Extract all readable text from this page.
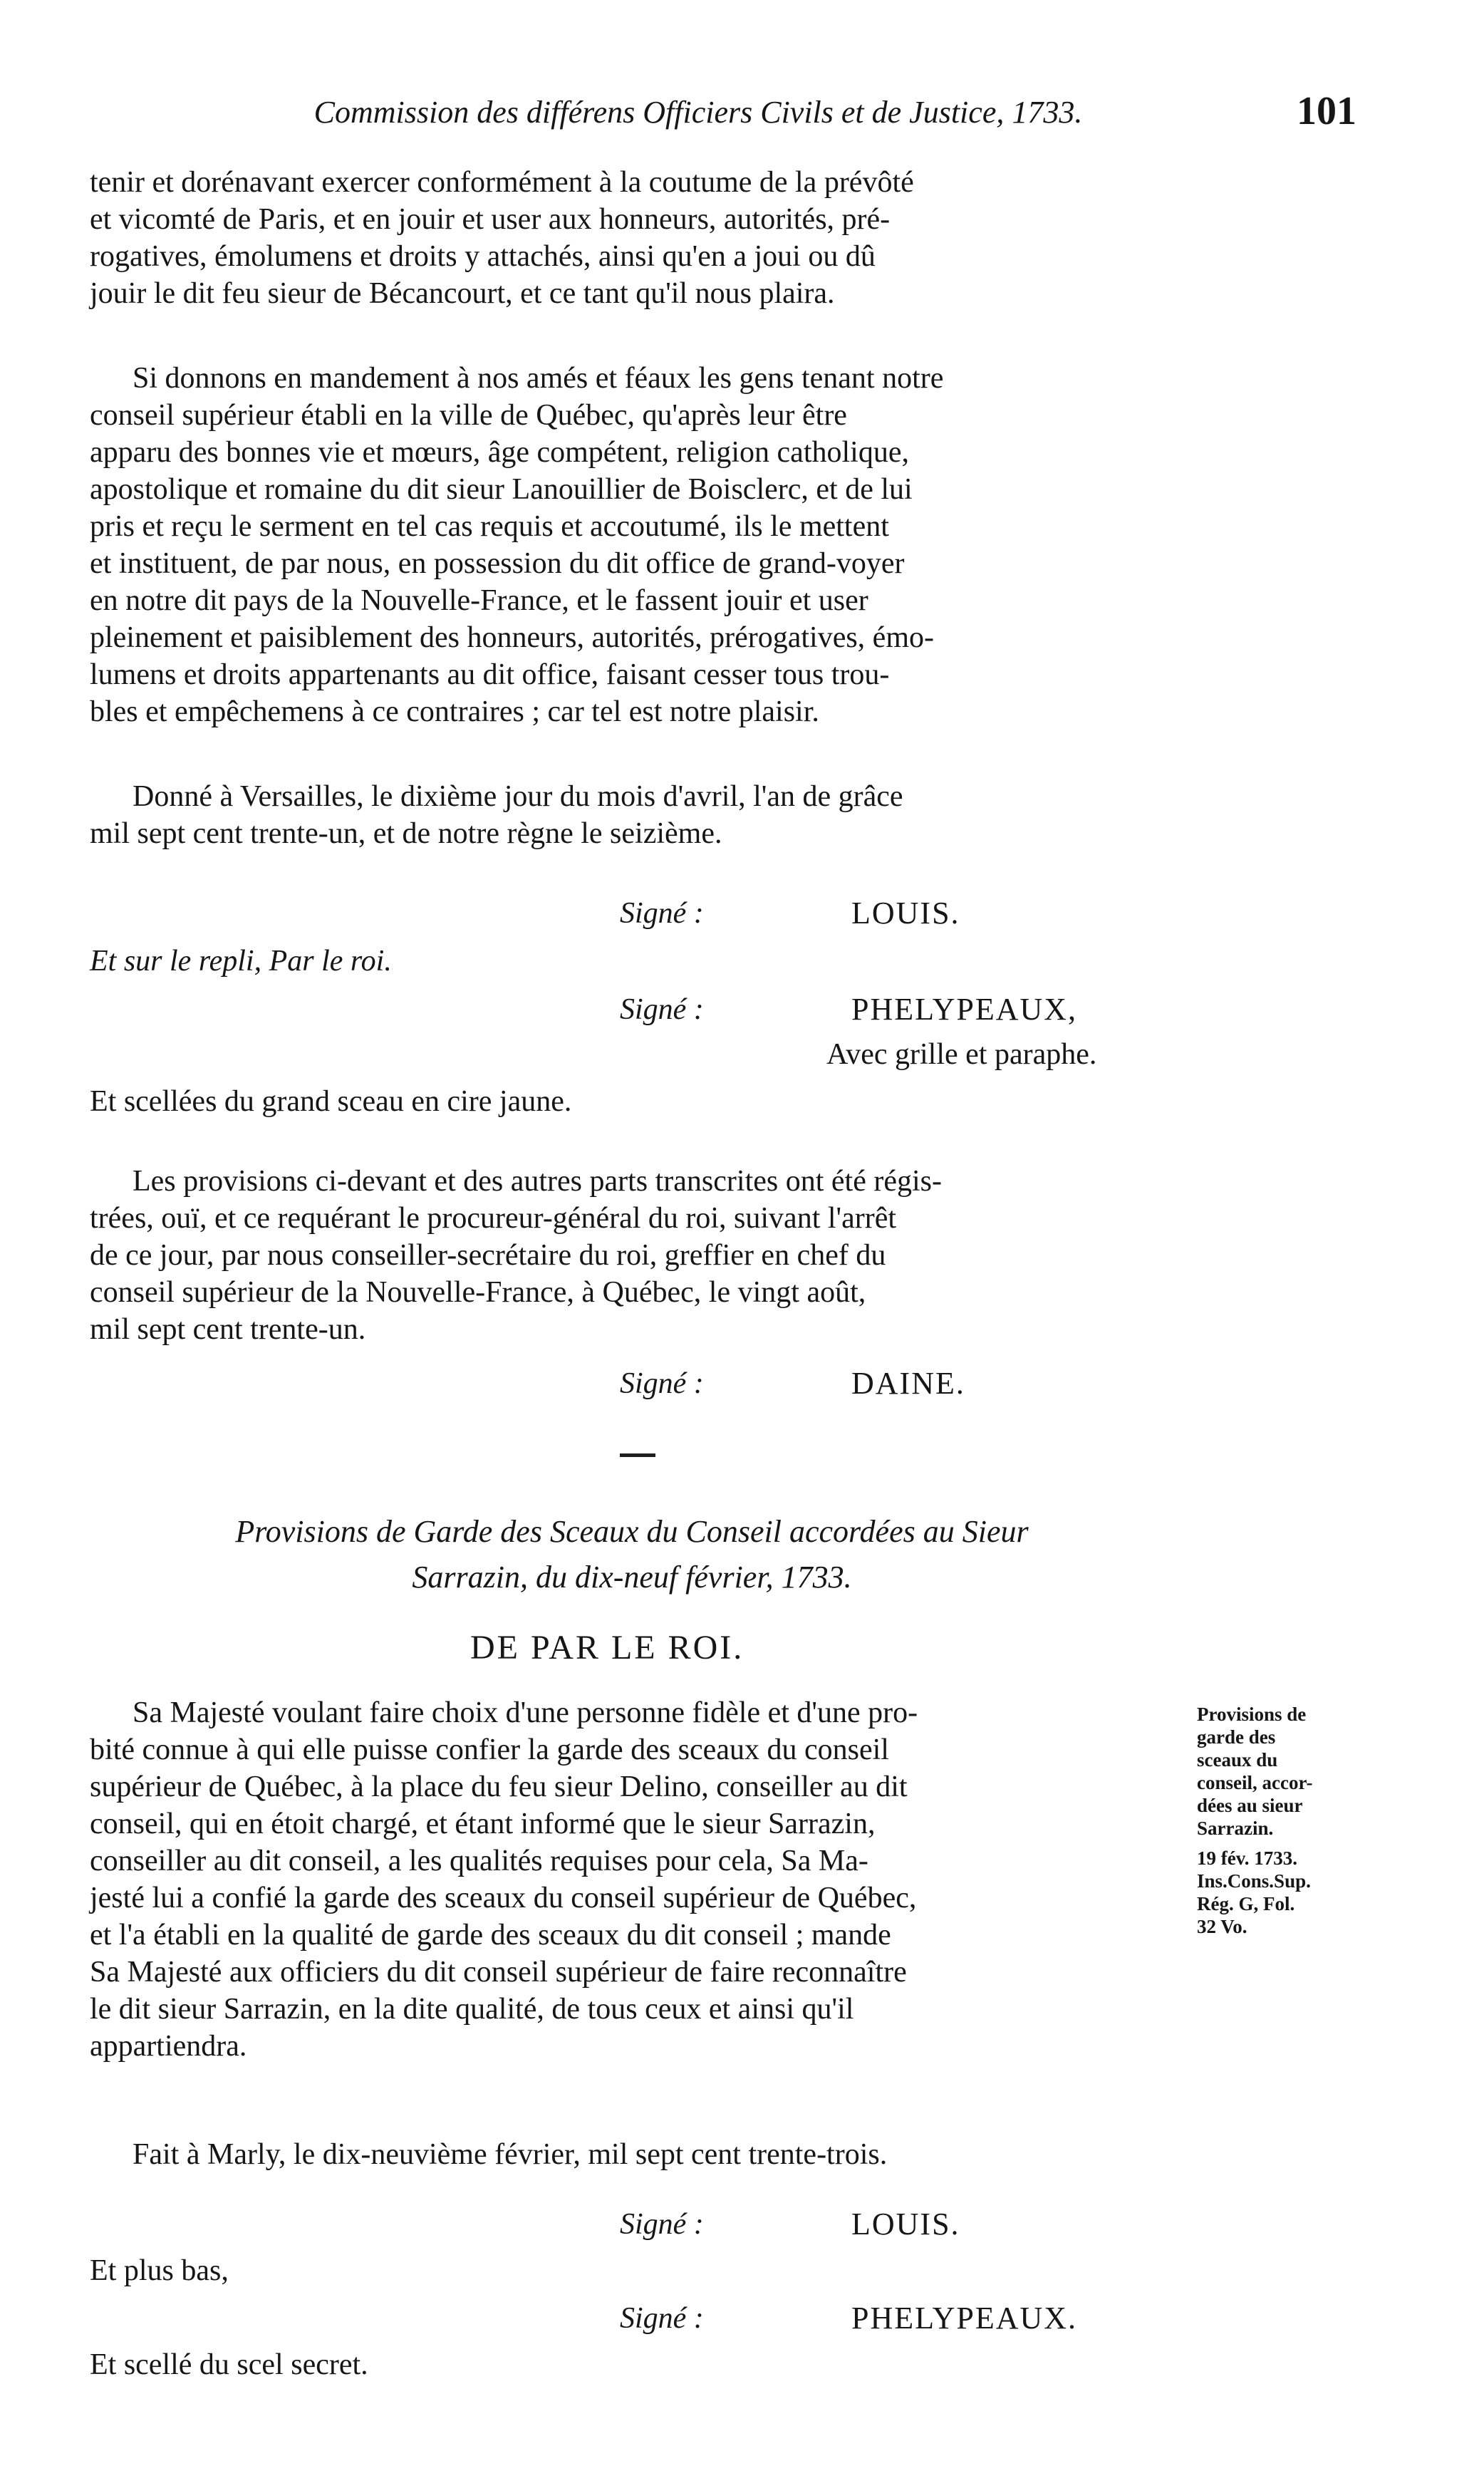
Commission des différens Officiers Civils et de Justice, 1733.	101
tenir et dorénavant exercer conformément à la coutume de la prévôté
et vicomté de Paris, et en jouir et user aux honneurs, autorités, pré-
rogatives, émolumens et droits y attachés, ainsi qu'en a joui ou dû
jouir le dit feu sieur de Bécancourt, et ce tant qu'il nous plaira.
Si donnons en mandement à nos amés et féaux les gens tenant notre
conseil supérieur établi en la ville de Québec, qu'après leur être
apparu des bonnes vie et mœurs, âge compétent, religion catholique,
apostolique et romaine du dit sieur Lanouillier de Boisclerc, et de lui
pris et reçu le serment en tel cas requis et accoutumé, ils le mettent
et instituent, de par nous, en possession du dit office de grand-voyer
en notre dit pays de la Nouvelle-France, et le fassent jouir et user
pleinement et paisiblement des honneurs, autorités, prérogatives, émo-
lumens et droits appartenants au dit office, faisant cesser tous trou-
bles et empêchemens à ce contraires ; car tel est notre plaisir.
Donné à Versailles, le dixième jour du mois d'avril, l'an de grâce
mil sept cent trente-un, et de notre règne le seizième.
Signé :	LOUIS.
Et sur le repli, Par le roi.
Signé :	PHELYPEAUX,
Avec grille et paraphe.
Et scellées du grand sceau en cire jaune.
Les provisions ci-devant et des autres parts transcrites ont été régis-
trées, ouï, et ce requérant le procureur-général du roi, suivant l'arrêt
de ce jour, par nous conseiller-secrétaire du roi, greffier en chef du
conseil supérieur de la Nouvelle-France, à Québec, le vingt août,
mil sept cent trente-un.
Signé :	DAINE.
Provisions de Garde des Sceaux du Conseil accordées au Sieur
Sarrazin, du dix-neuf février, 1733.
DE PAR LE ROI.
Sa Majesté voulant faire choix d'une personne fidèle et d'une pro-
bité connue à qui elle puisse confier la garde des sceaux du conseil
supérieur de Québec, à la place du feu sieur Delino, conseiller au dit
conseil, qui en étoit chargé, et étant informé que le sieur Sarrazin,
conseiller au dit conseil, a les qualités requises pour cela, Sa Ma-
jesté lui a confié la garde des sceaux du conseil supérieur de Québec,
et l'a établi en la qualité de garde des sceaux du dit conseil ; mande
Sa Majesté aux officiers du dit conseil supérieur de faire reconnaître
le dit sieur Sarrazin, en la dite qualité, de tous ceux et ainsi qu'il
appartiendra.
Provisions de
garde des
sceaux du
conseil, accor-
dées au sieur
Sarrazin.
19 fév. 1733.
Ins.Cons.Sup.
Rég. G, Fol.
32 Vo.
Fait à Marly, le dix-neuvième février, mil sept cent trente-trois.
Signé :	LOUIS.
Et plus bas,
Signé :	PHELYPEAUX.
Et scellé du scel secret.
